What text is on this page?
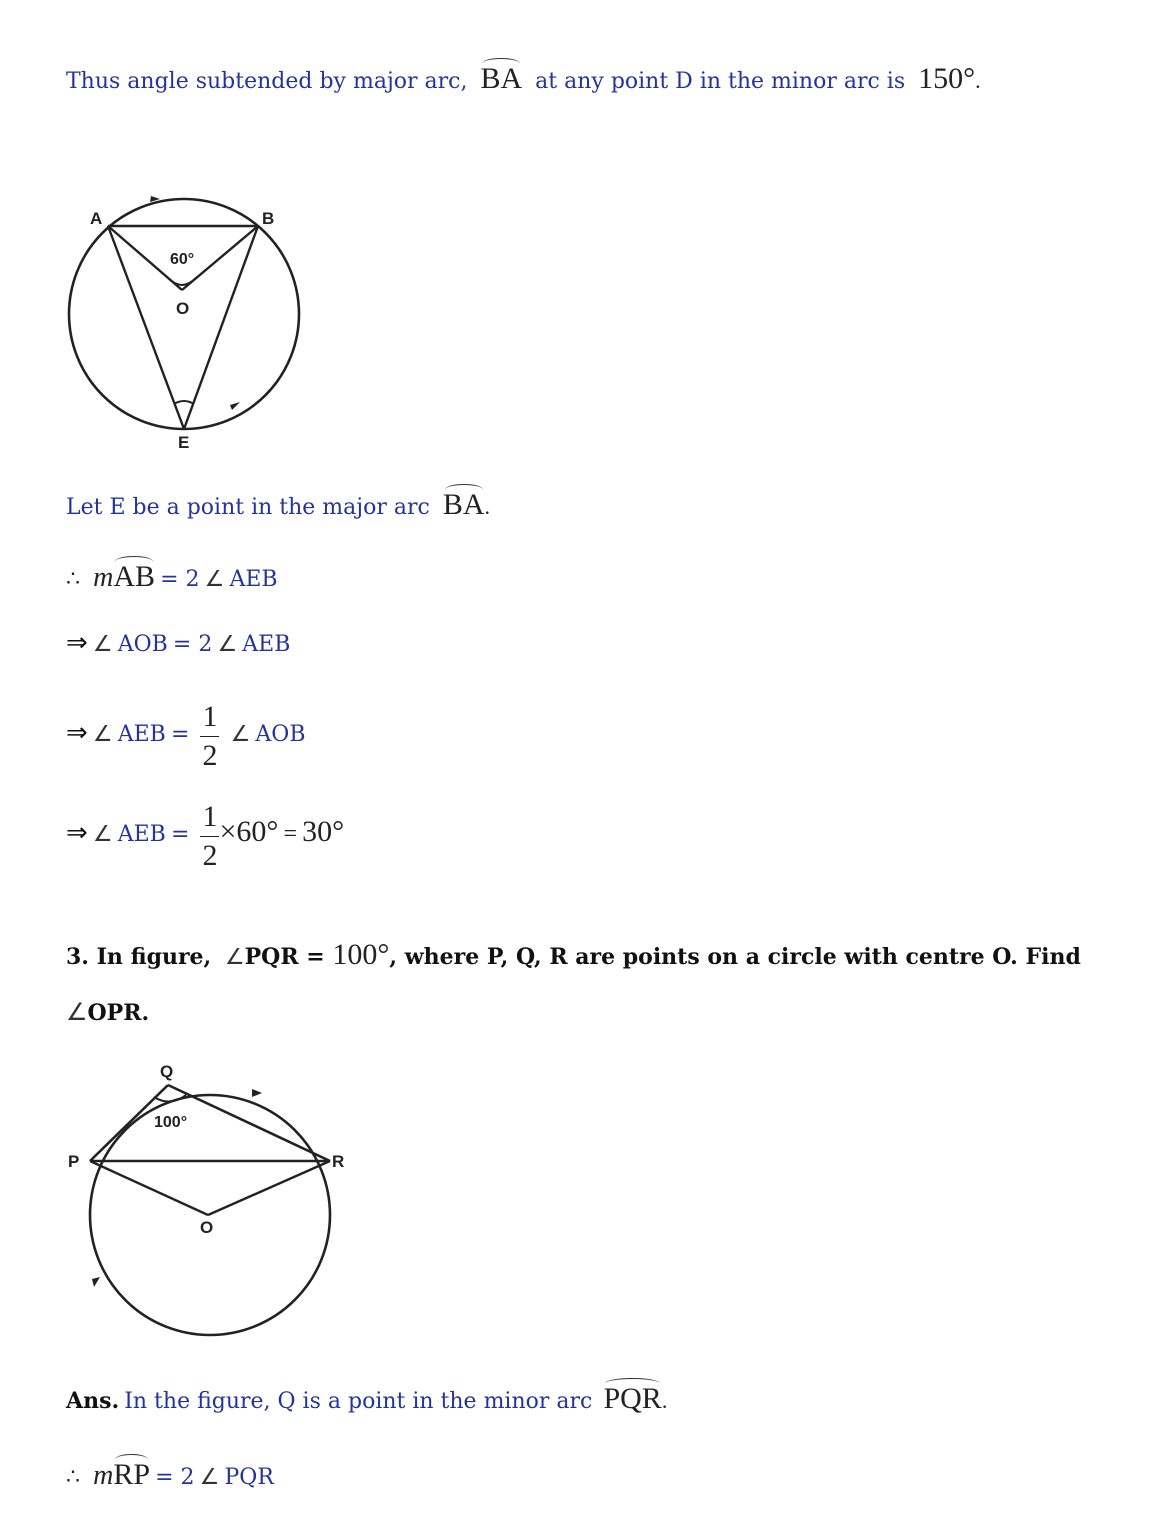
Thus angle subtended by major arc, BA at any point D in the minor arc is 150°.
A	B
O
E
60°
Let E be a point in the major arc BA.
∴ mAB = 2 ∠ AEB
⇒ ∠ AOB = 2 ∠ AEB
⇒ ∠ AEB = $\frac{1}{2}$ ∠ AOB
⇒ ∠ AEB = $\frac{1}{2} \times 60^\circ = 30^\circ$
3. In figure, ∠PQR = 100°, where P, Q, R are points on a circle with centre O. Find
∠OPR.
Q
P	R
O
100°
Ans. In the figure, Q is a point in the minor arc PQR.
∴ mRP = 2 ∠ PQR
